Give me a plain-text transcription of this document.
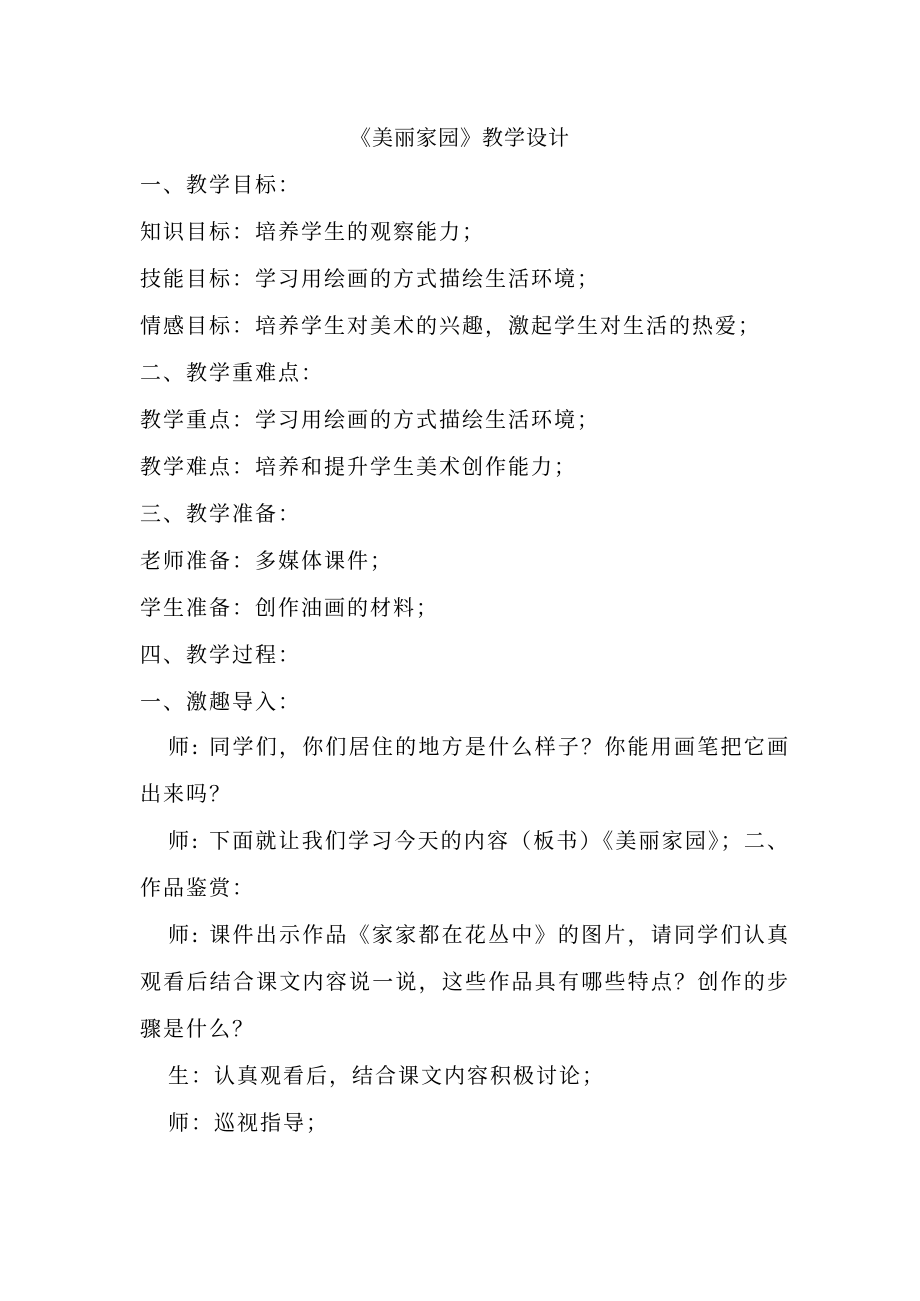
《美丽家园》教学设计
一、教学目标：
知识目标：培养学生的观察能力；
技能目标：学习用绘画的方式描绘生活环境；
情感目标：培养学生对美术的兴趣，激起学生对生活的热爱；
二、教学重难点：
教学重点：学习用绘画的方式描绘生活环境；
教学难点：培养和提升学生美术创作能力；
三、教学准备：
老师准备：多媒体课件；
学生准备：创作油画的材料；
四、教学过程：
一、激趣导入：
师: 同学们，你们居住的地方是什么样子？你能用画笔把它画出来吗？
师: 下面就让我们学习今天的内容（板书）《美丽家园》；二、作品鉴赏：
师: 课件出示作品《家家都在花丛中》的图片，请同学们认真观看后结合课文内容说一说，这些作品具有哪些特点？创作的步骤是什么？
生：认真观看后，结合课文内容积极讨论；
师：巡视指导；
